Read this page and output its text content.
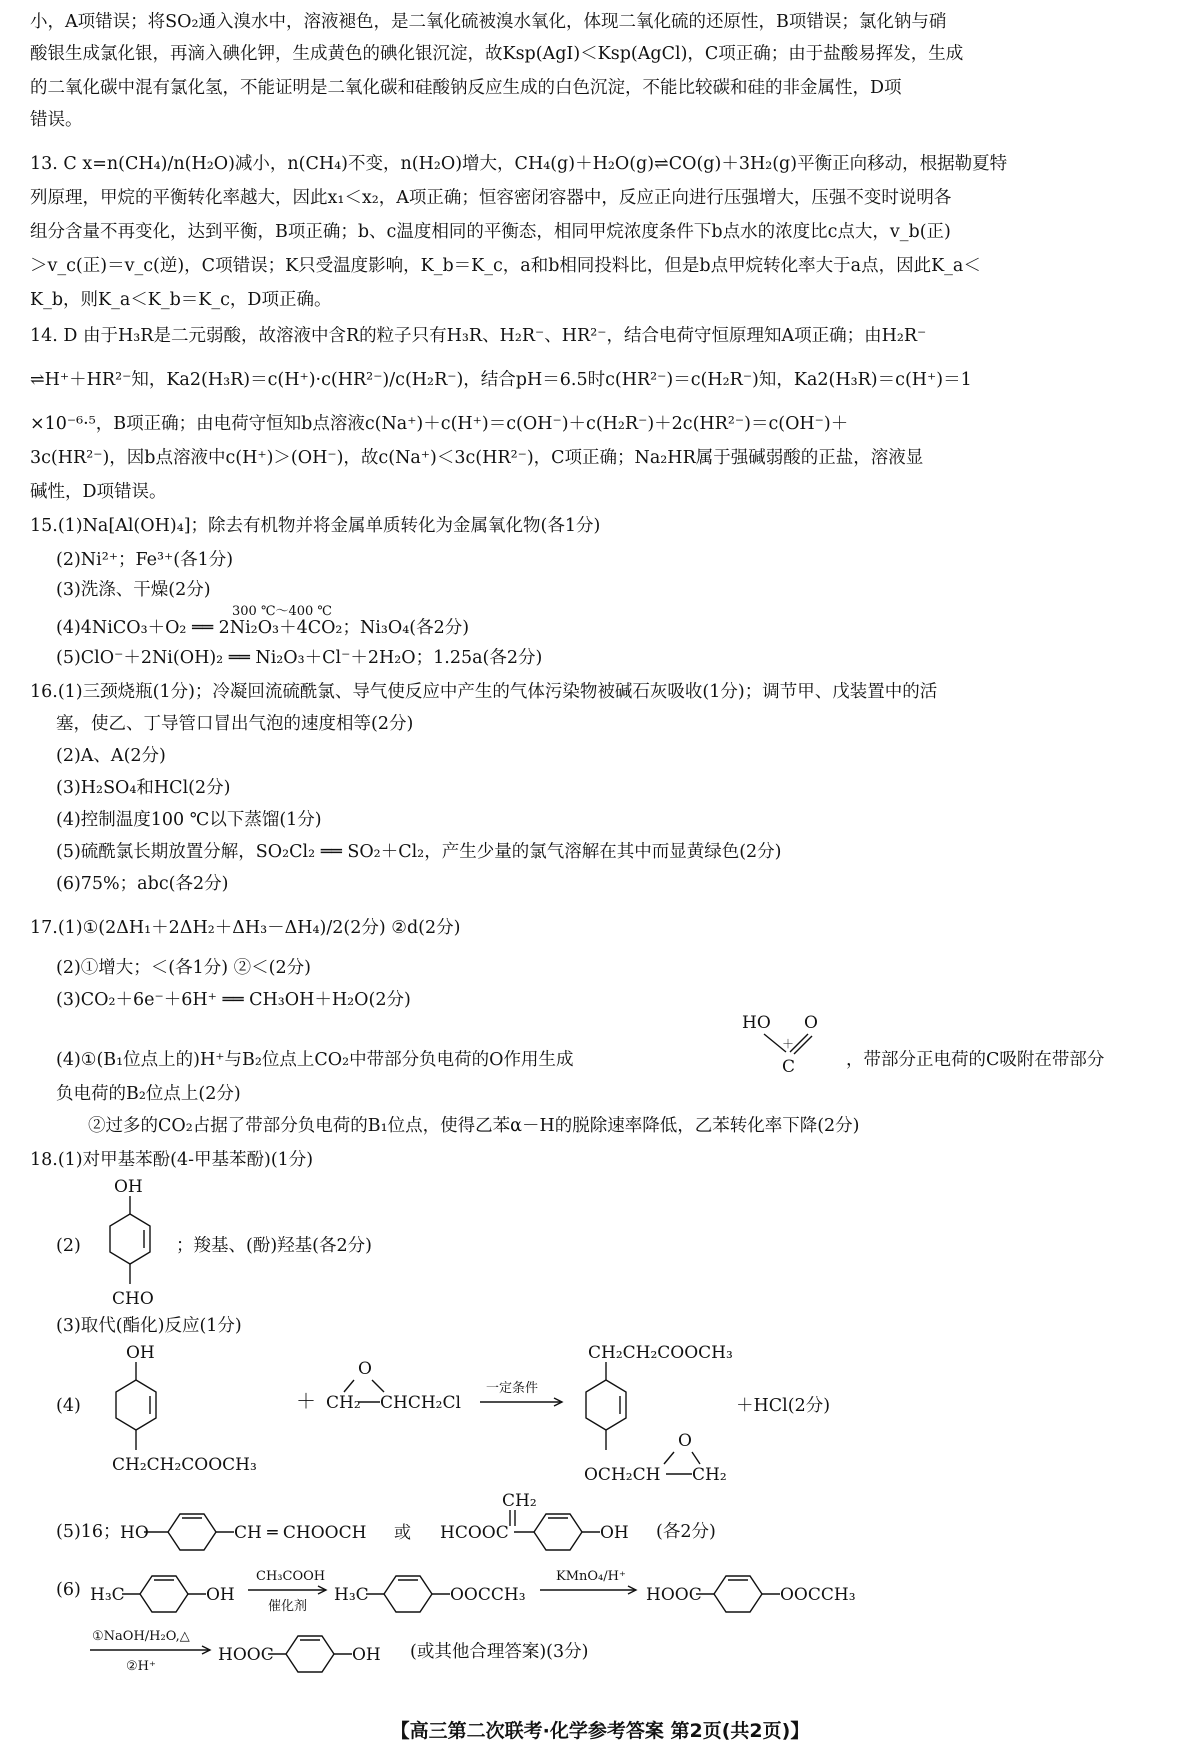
小，A项错误；将SO₂通入溴水中，溶液褪色，是二氧化硫被溴水氧化，体现二氧化硫的还原性，B项错误；氯化钠与硝
酸银生成氯化银，再滴入碘化钾，生成黄色的碘化银沉淀，故Ksp(AgI)＜Ksp(AgCl)，C项正确；由于盐酸易挥发，生成
的二氧化碳中混有氯化氢，不能证明是二氧化碳和硅酸钠反应生成的白色沉淀，不能比较碳和硅的非金属性，D项
错误。
13. C x=n(CH₄)/n(H₂O)减小，n(CH₄)不变，n(H₂O)增大，CH₄(g)＋H₂O(g)⇌CO(g)＋3H₂(g)平衡正向移动，根据勒夏特
列原理，甲烷的平衡转化率越大，因此x₁＜x₂，A项正确；恒容密闭容器中，反应正向进行压强增大，压强不变时说明各
组分含量不再变化，达到平衡，B项正确；b、c温度相同的平衡态，相同甲烷浓度条件下b点水的浓度比c点大，v_b(正)
＞v_c(正)＝v_c(逆)，C项错误；K只受温度影响，K_b＝K_c，a和b相同投料比，但是b点甲烷转化率大于a点，因此K_a＜
K_b，则K_a＜K_b＝K_c，D项正确。
14. D 由于H₃R是二元弱酸，故溶液中含R的粒子只有H₃R、H₂R⁻、HR²⁻，结合电荷守恒原理知A项正确；由H₂R⁻
⇌H⁺＋HR²⁻知，Ka2(H₃R)＝c(H⁺)·c(HR²⁻)/c(H₂R⁻)，结合pH＝6.5时c(HR²⁻)＝c(H₂R⁻)知，Ka2(H₃R)＝c(H⁺)＝1
×10⁻⁶·⁵，B项正确；由电荷守恒知b点溶液c(Na⁺)＋c(H⁺)＝c(OH⁻)＋c(H₂R⁻)＋2c(HR²⁻)＝c(OH⁻)＋
3c(HR²⁻)，因b点溶液中c(H⁺)＞(OH⁻)，故c(Na⁺)＜3c(HR²⁻)，C项正确；Na₂HR属于强碱弱酸的正盐，溶液显
碱性，D项错误。
15.(1)Na[Al(OH)₄]；除去有机物并将金属单质转化为金属氧化物(各1分)
(2)Ni²⁺；Fe³⁺(各1分)
(3)洗涤、干燥(2分)
300 ℃～400 ℃
(4)4NiCO₃＋O₂ ══ 2Ni₂O₃＋4CO₂；Ni₃O₄(各2分)
(5)ClO⁻＋2Ni(OH)₂ ══ Ni₂O₃＋Cl⁻＋2H₂O；1.25a(各2分)
16.(1)三颈烧瓶(1分)；冷凝回流硫酰氯、导气使反应中产生的气体污染物被碱石灰吸收(1分)；调节甲、戊装置中的活
塞，使乙、丁导管口冒出气泡的速度相等(2分)
(2)A、A(2分)
(3)H₂SO₄和HCl(2分)
(4)控制温度100 ℃以下蒸馏(1分)
(5)硫酰氯长期放置分解，SO₂Cl₂ ══ SO₂＋Cl₂，产生少量的氯气溶解在其中而显黄绿色(2分)
(6)75%；abc(各2分)
17.(1)①(2ΔH₁＋2ΔH₂＋ΔH₃－ΔH₄)/2(2分) ②d(2分)
(2)①增大；＜(各1分) ②＜(2分)
(3)CO₂＋6e⁻＋6H⁺ ══ CH₃OH＋H₂O(2分)
(4)①(B₁位点上的)H⁺与B₂位点上CO₂中带部分负电荷的O作用生成
HO O
＋
C	，带部分正电荷的C吸附在带部分
负电荷的B₂位点上(2分)
②过多的CO₂占据了带部分负电荷的B₁位点，使得乙苯α－H的脱除速率降低，乙苯转化率下降(2分)
18.(1)对甲基苯酚(4-甲基苯酚)(1分)
(2)
OH
CHO
；羧基、(酚)羟基(各2分)
(3)取代(酯化)反应(1分)
(4)
OH
CH₂CH₂COOCH₃
＋
O
CH₂ CHCH₂Cl
一定条件
CH₂CH₂COOCH₃
O
OCH₂CH CH₂
＋HCl(2分)
(5)16； HO	CH ═ CHOOCH 或 HCOOC
CH₂
OH (各2分)
(6) H₃C	OH
CH₃COOH
催化剂
H₃C	OOCCH₃
KMnO₄/H⁺
HOOC	OOCCH₃
①NaOH/H₂O,△
②H⁺
HOOC	OH (或其他合理答案)(3分)
【高三第二次联考·化学参考答案 第2页(共2页)】
